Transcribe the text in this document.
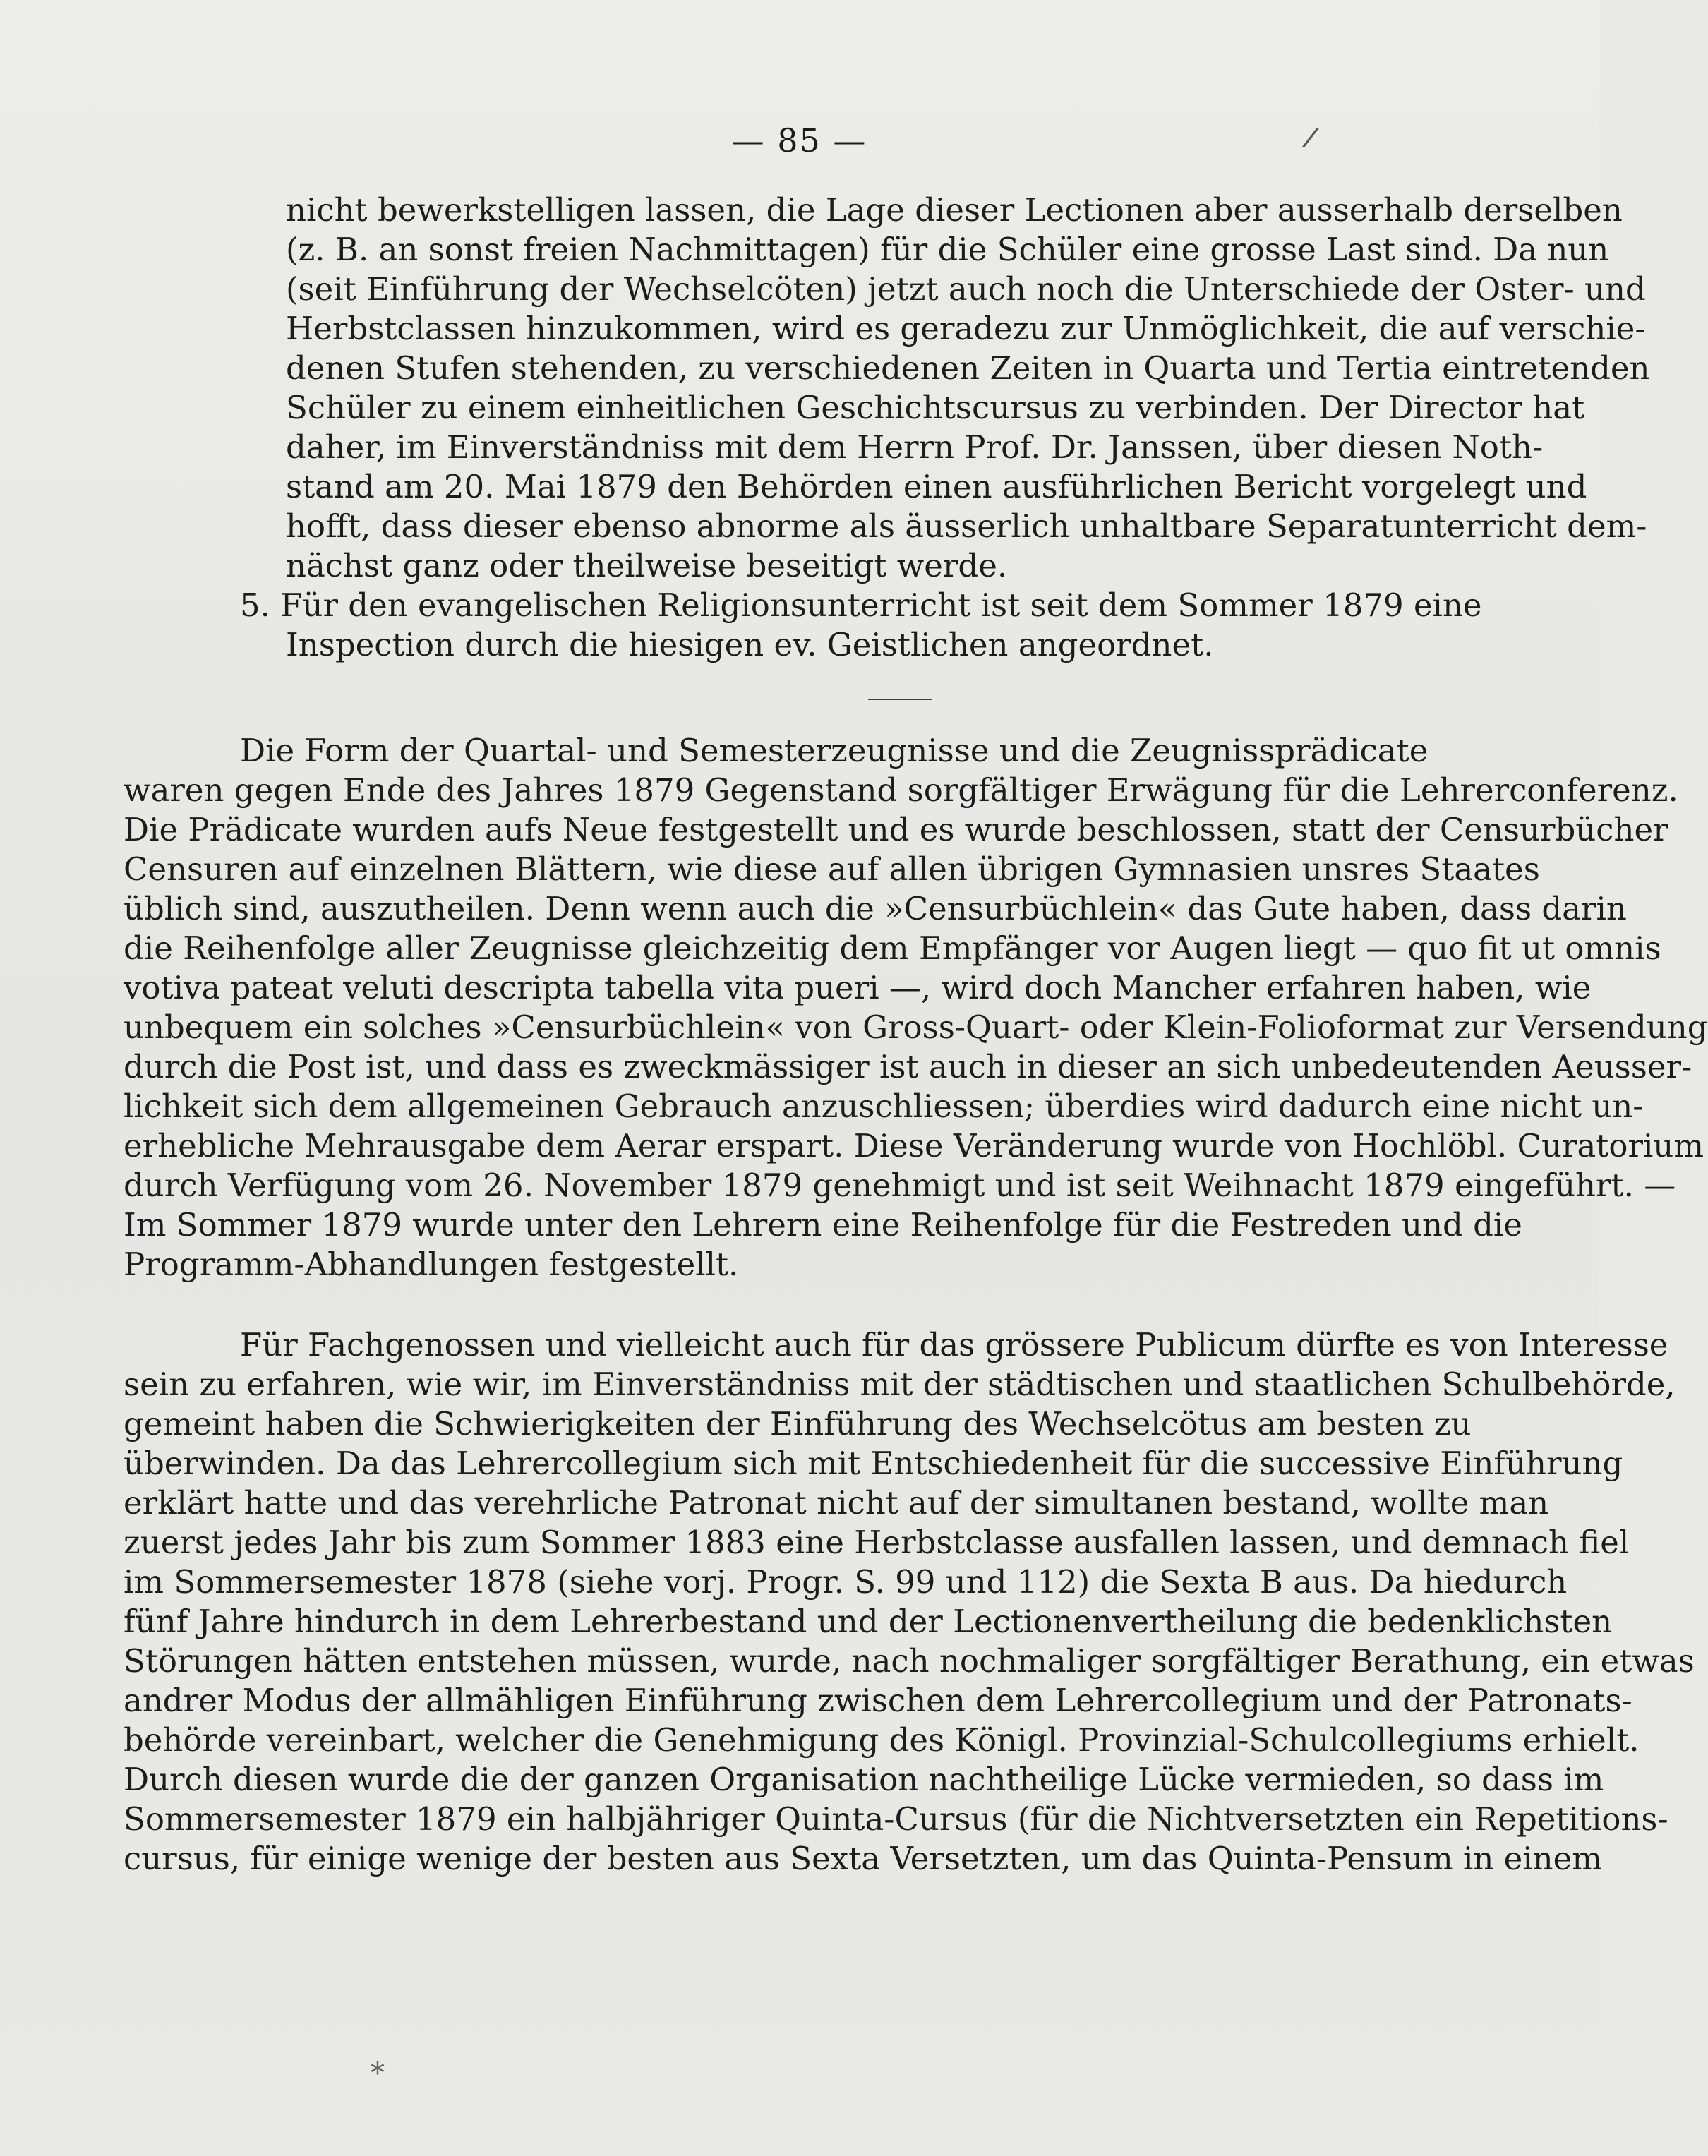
— 85 —	/
nicht bewerkstelligen lassen, die Lage dieser Lectionen aber ausserhalb derselben
(z. B. an sonst freien Nachmittagen) für die Schüler eine grosse Last sind. Da nun
(seit Einführung der Wechselcöten) jetzt auch noch die Unterschiede der Oster- und
Herbstclassen hinzukommen, wird es geradezu zur Unmöglichkeit, die auf verschie-
denen Stufen stehenden, zu verschiedenen Zeiten in Quarta und Tertia eintretenden
Schüler zu einem einheitlichen Geschichtscursus zu verbinden. Der Director hat
daher, im Einverständniss mit dem Herrn Prof. Dr. Janssen, über diesen Noth-
stand am 20. Mai 1879 den Behörden einen ausführlichen Bericht vorgelegt und
hofft, dass dieser ebenso abnorme als äusserlich unhaltbare Separatunterricht dem-
nächst ganz oder theilweise beseitigt werde.
5. Für den evangelischen Religionsunterricht ist seit dem Sommer 1879 eine
Inspection durch die hiesigen ev. Geistlichen angeordnet.
Die Form der Quartal- und Semesterzeugnisse und die Zeugnissprädicate
waren gegen Ende des Jahres 1879 Gegenstand sorgfältiger Erwägung für die Lehrerconferenz.
Die Prädicate wurden aufs Neue festgestellt und es wurde beschlossen, statt der Censurbücher
Censuren auf einzelnen Blättern, wie diese auf allen übrigen Gymnasien unsres Staates
üblich sind, auszutheilen. Denn wenn auch die »Censurbüchlein« das Gute haben, dass darin
die Reihenfolge aller Zeugnisse gleichzeitig dem Empfänger vor Augen liegt — quo fit ut omnis
votiva pateat veluti descripta tabella vita pueri —, wird doch Mancher erfahren haben, wie
unbequem ein solches »Censurbüchlein« von Gross-Quart- oder Klein-Folioformat zur Versendung
durch die Post ist, und dass es zweckmässiger ist auch in dieser an sich unbedeutenden Aeusser-
lichkeit sich dem allgemeinen Gebrauch anzuschliessen; überdies wird dadurch eine nicht un-
erhebliche Mehrausgabe dem Aerar erspart. Diese Veränderung wurde von Hochlöbl. Curatorium
durch Verfügung vom 26. November 1879 genehmigt und ist seit Weihnacht 1879 eingeführt. —
Im Sommer 1879 wurde unter den Lehrern eine Reihenfolge für die Festreden und die
Programm-Abhandlungen festgestellt.
Für Fachgenossen und vielleicht auch für das grössere Publicum dürfte es von Interesse
sein zu erfahren, wie wir, im Einverständniss mit der städtischen und staatlichen Schulbehörde,
gemeint haben die Schwierigkeiten der Einführung des Wechselcötus am besten zu
überwinden. Da das Lehrercollegium sich mit Entschiedenheit für die successive Einführung
erklärt hatte und das verehrliche Patronat nicht auf der simultanen bestand, wollte man
zuerst jedes Jahr bis zum Sommer 1883 eine Herbstclasse ausfallen lassen, und demnach fiel
im Sommersemester 1878 (siehe vorj. Progr. S. 99 und 112) die Sexta B aus. Da hiedurch
fünf Jahre hindurch in dem Lehrerbestand und der Lectionenvertheilung die bedenklichsten
Störungen hätten entstehen müssen, wurde, nach nochmaliger sorgfältiger Berathung, ein etwas
andrer Modus der allmähligen Einführung zwischen dem Lehrercollegium und der Patronats-
behörde vereinbart, welcher die Genehmigung des Königl. Provinzial-Schulcollegiums erhielt.
Durch diesen wurde die der ganzen Organisation nachtheilige Lücke vermieden, so dass im
Sommersemester 1879 ein halbjähriger Quinta-Cursus (für die Nichtversetzten ein Repetitions-
cursus, für einige wenige der besten aus Sexta Versetzten, um das Quinta-Pensum in einem
*
